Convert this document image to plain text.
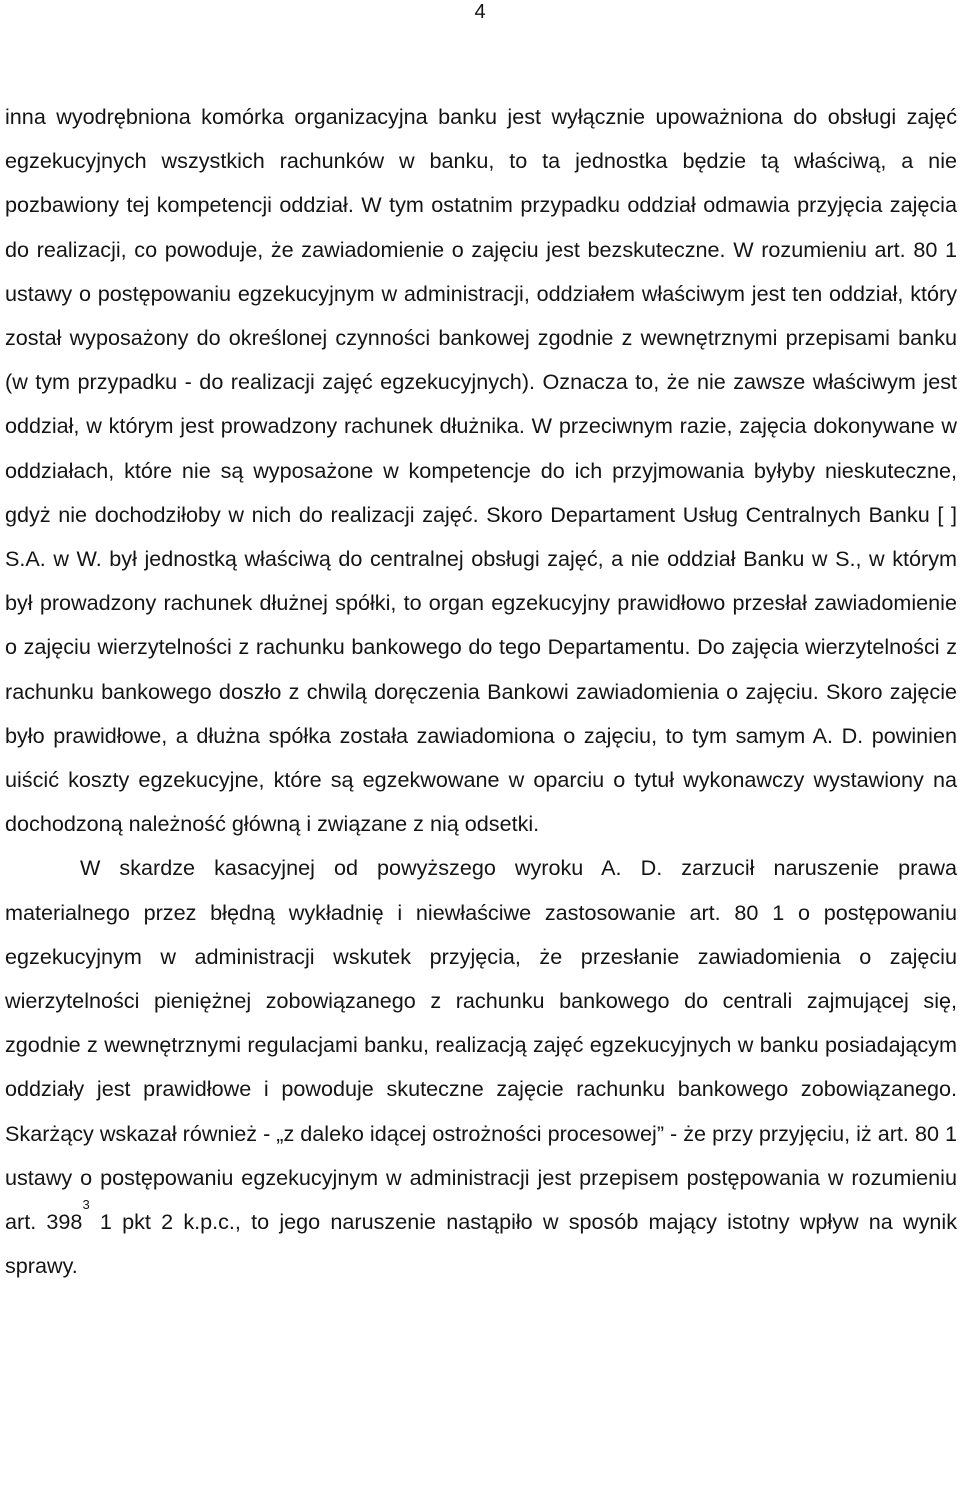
4

inna wyodrębniona komórka organizacyjna banku jest wyłącznie upoważniona do obsługi zajęć egzekucyjnych wszystkich rachunków w banku, to ta jednostka będzie tą właściwą, a nie pozbawiony tej kompetencji oddział. W tym ostatnim przypadku oddział odmawia przyjęcia zajęcia do realizacji, co powoduje, że zawiadomienie o zajęciu jest bezskuteczne. W rozumieniu art. 80 1 ustawy o postępowaniu egzekucyjnym w administracji, oddziałem właściwym jest ten oddział, który został wyposażony do określonej czynności bankowej zgodnie z wewnętrznymi przepisami banku (w tym przypadku - do realizacji zajęć egzekucyjnych). Oznacza to, że nie zawsze właściwym jest oddział, w którym jest prowadzony rachunek dłużnika. W przeciwnym razie, zajęcia dokonywane w oddziałach, które nie są wyposażone w kompetencje do ich przyjmowania byłyby nieskuteczne, gdyż nie dochodziłoby w nich do realizacji zajęć. Skoro Departament Usług Centralnych Banku [ ] S.A. w W. był jednostką właściwą do centralnej obsługi zajęć, a nie oddział Banku w S., w którym był prowadzony rachunek dłużnej spółki, to organ egzekucyjny prawidłowo przesłał zawiadomienie o zajęciu wierzytelności z rachunku bankowego do tego Departamentu. Do zajęcia wierzytelności z rachunku bankowego doszło z chwilą doręczenia Bankowi zawiadomienia o zajęciu. Skoro zajęcie było prawidłowe, a dłużna spółka została zawiadomiona o zajęciu, to tym samym A. D. powinien uiścić koszty egzekucyjne, które są egzekwowane w oparciu o tytuł wykonawczy wystawiony na dochodzoną należność główną i związane z nią odsetki.

W skardze kasacyjnej od powyższego wyroku A. D. zarzucił naruszenie prawa materialnego przez błędną wykładnię i niewłaściwe zastosowanie art. 80 1 o postępowaniu egzekucyjnym w administracji wskutek przyjęcia, że przesłanie zawiadomienia o zajęciu wierzytelności pieniężnej zobowiązanego z rachunku bankowego do centrali zajmującej się, zgodnie z wewnętrznymi regulacjami banku, realizacją zajęć egzekucyjnych w banku posiadającym oddziały jest prawidłowe i powoduje skuteczne zajęcie rachunku bankowego zobowiązanego. Skarżący wskazał również - „z daleko idącej ostrożności procesowej” - że przy przyjęciu, iż art. 80 1 ustawy o postępowaniu egzekucyjnym w administracji jest przepisem postępowania w rozumieniu art. $398^3$ 1 pkt 2 k.p.c., to jego naruszenie nastąpiło w sposób mający istotny wpływ na wynik sprawy.
